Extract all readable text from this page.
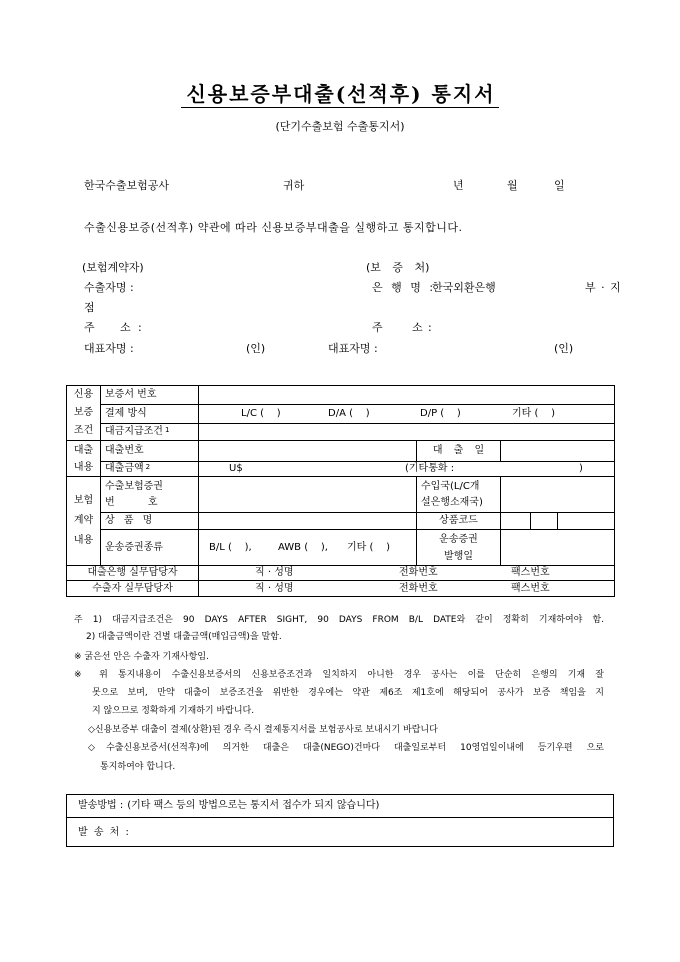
신용보증부대출(선적후) 통지서
(단기수출보험 수출통지서)
한국수출보험공사	귀하	년	월	일
수출신용보증(선적후) 약관에 따라 신용보증부대출을 실행하고 통지합니다.
(보험계약자)	(보 증 처)
수출자명 :	은 행 명 :
한국외환은행	부 · 지
점
주 소 :	주	소 :
대표자명 :	(인)	대표자명 :	(인)
신용
보증
조건	보증서 번호					
	결제 방식	L/C (    ) D/A (    ) D/P (    ) 기타 (    )				
	대금지급조건 $^1$	

대출
내용	대출번호		대 출 일			
	대출금액 $^2$	U$ (기타통화 : )				

보험
계약
내용	수출보험증권
번 호		수입국(L/C개
설은행소재국)			

	상 품 명		상품코드			
	운송증권종류	B/L (    ), AWB (    ), 기타 (    )	운송증권
발행일			

대출은행 실무담당자		직 · 성명 전화번호 팩스번호				
수출자 실무담당자		직 · 성명 전화번호 팩스번호				
주 1) 대금지급조건은 90 DAYS AFTER SIGHT, 90 DAYS FROM B/L DATE와 같이 정확히 기재하여야 함.
2) 대출금액이란 건별 대출금액(매입금액)을 말함.
※ 굵은선 안은 수출자 기재사항임.
※ 위 통지내용이 수출신용보증서의 신용보증조건과 일치하지 아니한 경우 공사는 이를 단순히 은행의 기재 잘
못으로 보며, 만약 대출이 보증조건을 위반한 경우에는 약관 제6조 제1호에 해당되어 공사가 보증 책임을 지
지 않으므로 정확하게 기재하기 바랍니다.
◇신용보증부 대출이 결제(상환)된 경우 즉시 결제통지서를 보험공사로 보내시기 바랍니다
◇수출신용보증서(선적후)에 의거한 대출은 대출(NEGO)건마다 대출일로부터 10영업일이내에 등기우편 으로
통지하여야 합니다.
발송방법 : (기타 팩스 등의 방법으로는 통지서 접수가 되지 않습니다)
발 송 처 :
